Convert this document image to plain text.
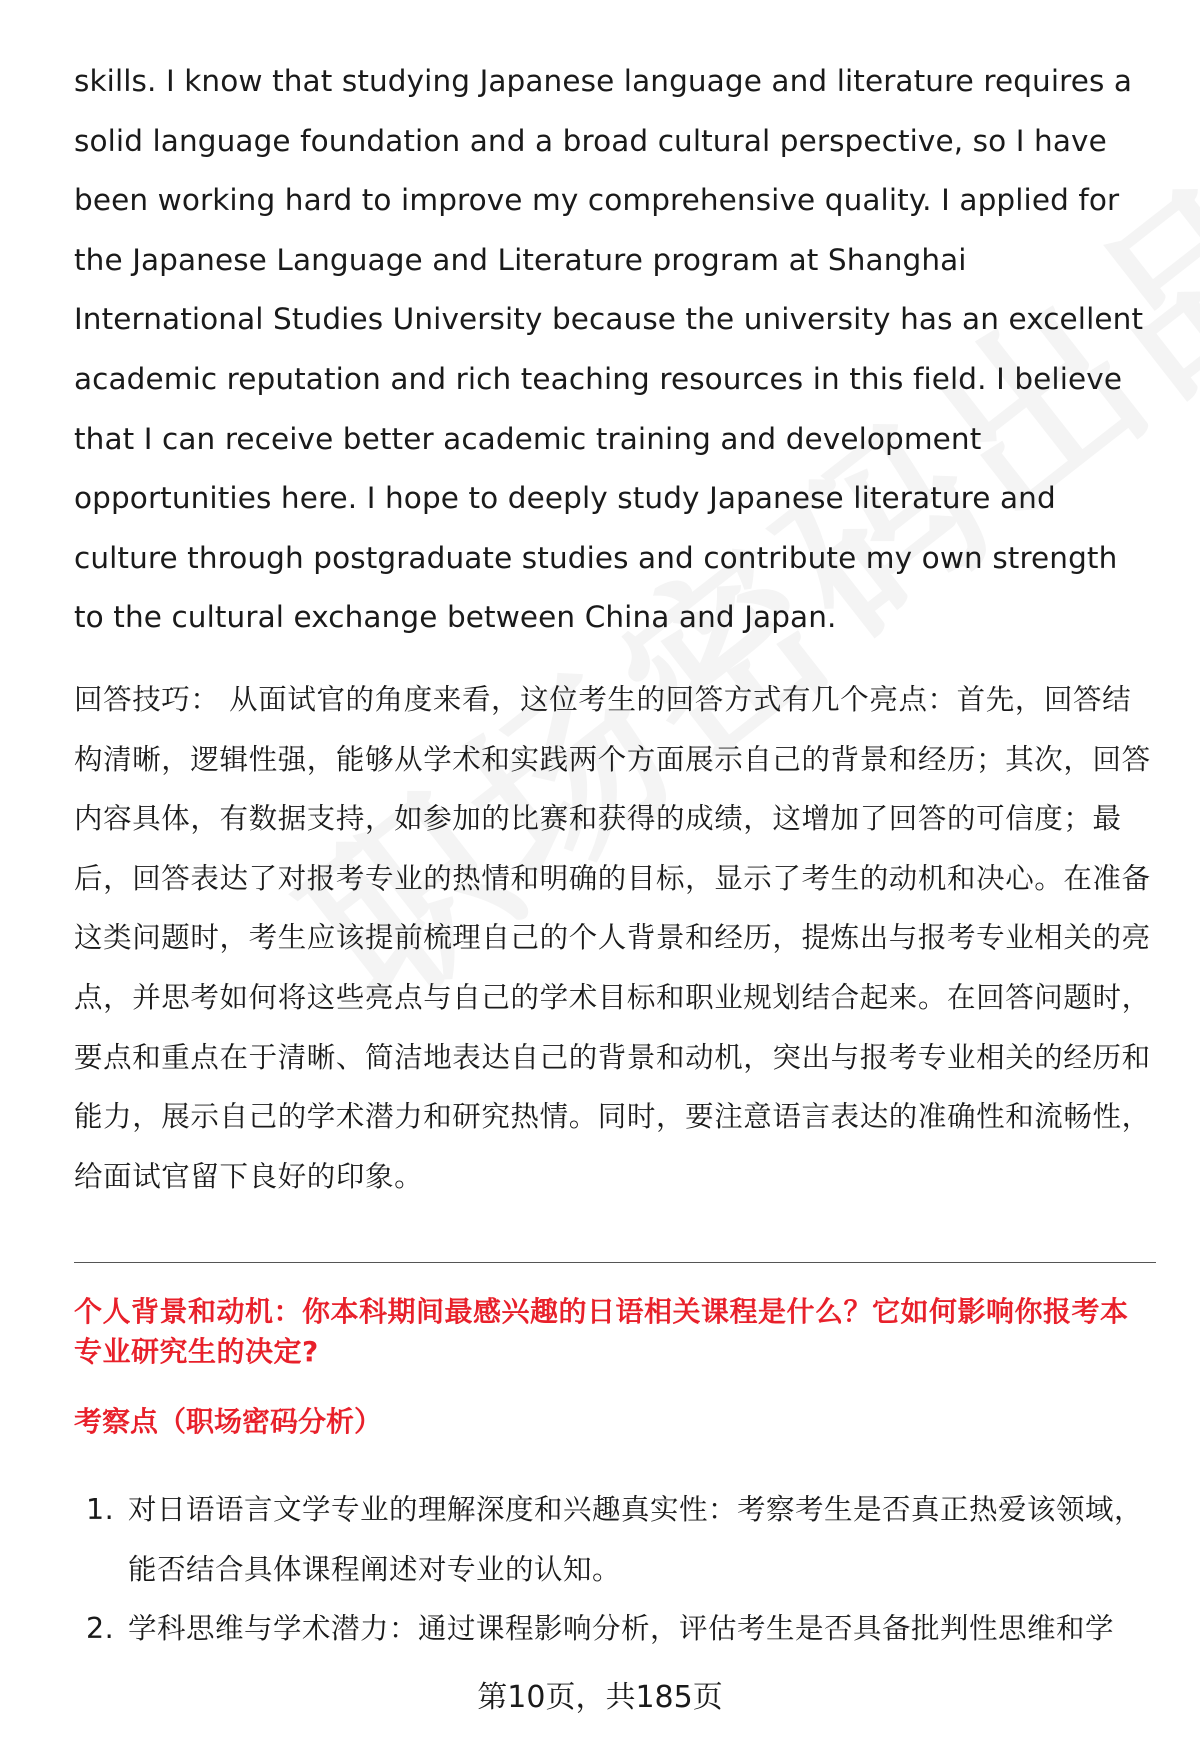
skills. I know that studying Japanese language and literature requires a solid language foundation and a broad cultural perspective, so I have been working hard to improve my comprehensive quality. I applied for the Japanese Language and Literature program at Shanghai International Studies University because the university has an excellent academic reputation and rich teaching resources in this field. I believe that I can receive better academic training and development opportunities here. I hope to deeply study Japanese literature and culture through postgraduate studies and contribute my own strength to the cultural exchange between China and Japan.

回答技巧： 从面试官的角度来看，这位考生的回答方式有几个亮点：首先，回答结构清晰，逻辑性强，能够从学术和实践两个方面展示自己的背景和经历；其次，回答内容具体，有数据支持，如参加的比赛和获得的成绩，这增加了回答的可信度；最后，回答表达了对报考专业的热情和明确的目标，显示了考生的动机和决心。在准备这类问题时，考生应该提前梳理自己的个人背景和经历，提炼出与报考专业相关的亮点，并思考如何将这些亮点与自己的学术目标和职业规划结合起来。在回答问题时，要点和重点在于清晰、简洁地表达自己的背景和动机，突出与报考专业相关的经历和能力，展示自己的学术潜力和研究热情。同时，要注意语言表达的准确性和流畅性，给面试官留下良好的印象。

个人背景和动机：你本科期间最感兴趣的日语相关课程是什么？它如何影响你报考本专业研究生的决定?

考察点（职场密码分析）

1. 对日语语言文学专业的理解深度和兴趣真实性：考察考生是否真正热爱该领域，能否结合具体课程阐述对专业的认知。
2. 学科思维与学术潜力：通过课程影响分析，评估考生是否具备批判性思维和学
第10页，共185页
